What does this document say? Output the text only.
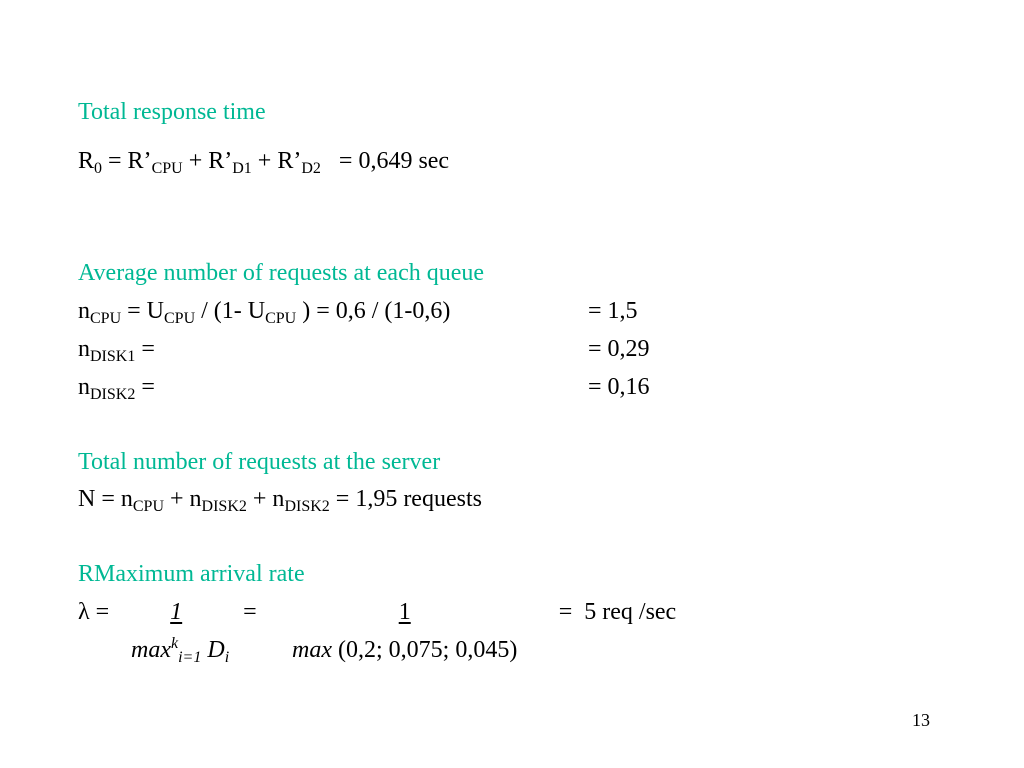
Total response time
$R_0$ = $R’_{CPU}$ + $R’_{D1}$ + $R’_{D2} = 0,649$ sec
Average number of requests at each queue
$n_{CPU} = U_{CPU} / (1-$ $U_{CPU}$ ) = 0,6 / (1-0,6)	= 1,5
$n_{DISK1}$ =	= 0,29
$n_{DISK2}$ =	= 0,16
Total number of requests at the server
$N = n_{CPU} + n_{DISK2} + n_{DISK2} = 1,95$ requests
RMaximum arrival rate
λ = 1 =	1	=  5 req /sec
$\max^k_{i=1} D_i$	max (0,2; 0,075; 0,045)
13
